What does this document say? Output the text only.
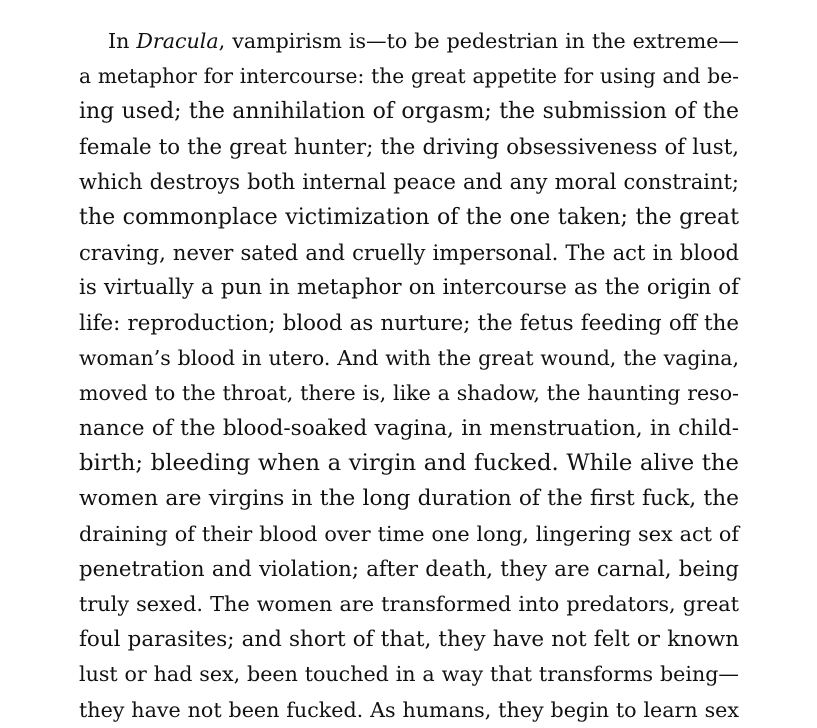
In Dracula, vampirism is—to be pedestrian in the extreme—
a metaphor for intercourse: the great appetite for using and be-
ing used; the annihilation of orgasm; the submission of the
female to the great hunter; the driving obsessiveness of lust,
which destroys both internal peace and any moral constraint;
the commonplace victimization of the one taken; the great
craving, never sated and cruelly impersonal. The act in blood
is virtually a pun in metaphor on intercourse as the origin of
life: reproduction; blood as nurture; the fetus feeding off the
woman’s blood in utero. And with the great wound, the vagina,
moved to the throat, there is, like a shadow, the haunting reso-
nance of the blood-soaked vagina, in menstruation, in child-
birth; bleeding when a virgin and fucked. While alive the
women are virgins in the long duration of the first fuck, the
draining of their blood over time one long, lingering sex act of
penetration and violation; after death, they are carnal, being
truly sexed. The women are transformed into predators, great
foul parasites; and short of that, they have not felt or known
lust or had sex, been touched in a way that transforms being—
they have not been fucked. As humans, they begin to learn sex
